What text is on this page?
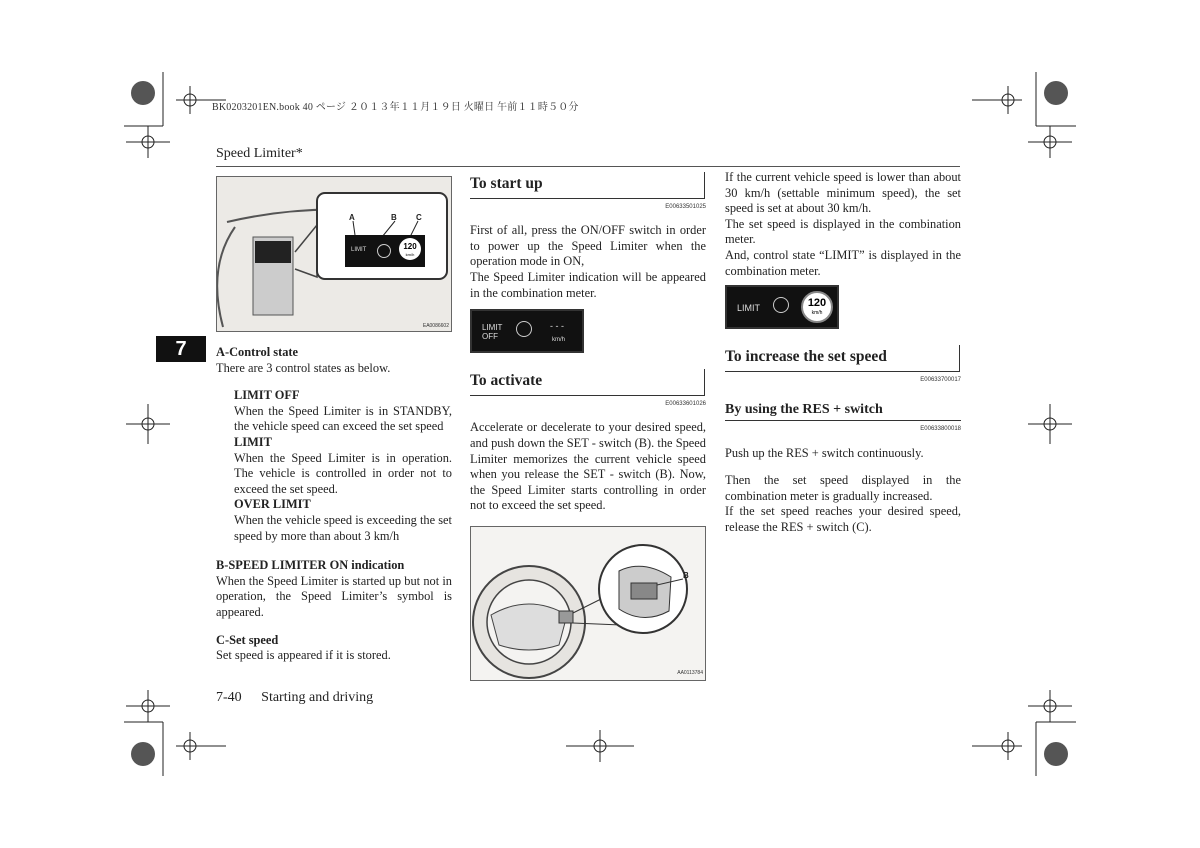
BK0203201EN.book 40 ページ ２０１３年１１月１９日 火曜日 午前１１時５０分
Speed Limiter*
7
A	B C
LIMIT	120
km/h
EA0086602

A-Control state

There are 3 control states as below.

LIMIT OFF

When the Speed Limiter is in STANDBY, the vehicle speed can exceed the set speed

LIMIT

When the Speed Limiter is in operation. The vehicle is controlled in order not to exceed the set speed.

OVER LIMIT

When the vehicle speed is exceeding the set speed by more than about 3 km/h

B-SPEED LIMITER ON indication

When the Speed Limiter is started up but not in operation, the Speed Limiter’s symbol is appeared.

C-Set speed

Set speed is appeared if it is stored.

To start up
E00633501025

First of all, press the ON/OFF switch in order to power up the Speed Limiter when the operation mode in ON,

The Speed Limiter indication will be appeared in the combination meter.

LIMIT
OFF
- - -
km/h
To activate
E00633601026

Accelerate or decelerate to your desired speed, and push down the SET - switch (B). the Speed Limiter memorizes the current vehicle speed when you release the SET - switch (B). Now, the Speed Limiter starts controlling in order not to exceed the set speed.

B
AA0113784

If the current vehicle speed is lower than about 30 km/h (settable minimum speed), the set speed is set at about 30 km/h.

The set speed is displayed in the combination meter.

And, control state “LIMIT” is displayed in the combination meter.

LIMIT	120
km/h
To increase the set speed
E00633700017
By using the RES + switch
E00633800018

Push up the RES + switch continuously.

Then the set speed displayed in the combination meter is gradually increased.

If the set speed reaches your desired speed, release the RES + switch (C).

7-40 Starting and driving
